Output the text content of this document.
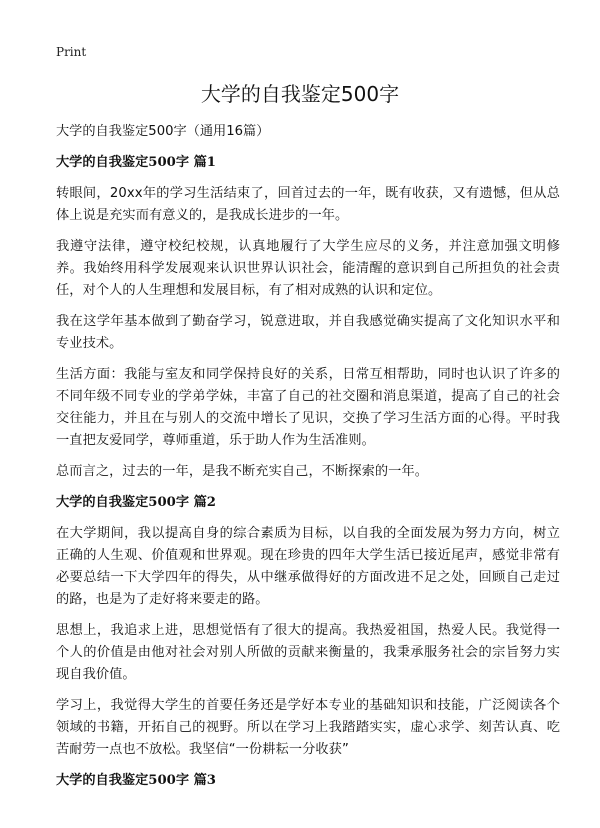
Print
大学的自我鉴定500字

大学的自我鉴定500字（通用16篇）

大学的自我鉴定500字 篇1

转眼间，20xx年的学习生活结束了，回首过去的一年，既有收获，又有遗憾，但从总体上说是充实而有意义的，是我成长进步的一年。

我遵守法律，遵守校纪校规，认真地履行了大学生应尽的义务，并注意加强文明修养。我始终用科学发展观来认识世界认识社会，能清醒的意识到自己所担负的社会责任，对个人的人生理想和发展目标，有了相对成熟的认识和定位。

我在这学年基本做到了勤奋学习，锐意进取，并自我感觉确实提高了文化知识水平和专业技术。

生活方面：我能与室友和同学保持良好的关系，日常互相帮助，同时也认识了许多的不同年级不同专业的学弟学妹，丰富了自己的社交圈和消息渠道，提高了自己的社会交往能力，并且在与别人的交流中增长了见识，交换了学习生活方面的心得。平时我一直把友爱同学，尊师重道，乐于助人作为生活准则。

总而言之，过去的一年，是我不断充实自己，不断探索的一年。

大学的自我鉴定500字 篇2

在大学期间，我以提高自身的综合素质为目标，以自我的全面发展为努力方向，树立正确的人生观、价值观和世界观。现在珍贵的四年大学生活已接近尾声，感觉非常有必要总结一下大学四年的得失，从中继承做得好的方面改进不足之处，回顾自己走过的路，也是为了走好将来要走的路。

思想上，我追求上进，思想觉悟有了很大的提高。我热爱祖国，热爱人民。我觉得一个人的价值是由他对社会对别人所做的贡献来衡量的，我秉承服务社会的宗旨努力实现自我价值。

学习上，我觉得大学生的首要任务还是学好本专业的基础知识和技能，广泛阅读各个领域的书籍，开拓自己的视野。所以在学习上我踏踏实实，虚心求学、刻苦认真、吃苦耐劳一点也不放松。我坚信“一份耕耘一分收获”

大学的自我鉴定500字 篇3
